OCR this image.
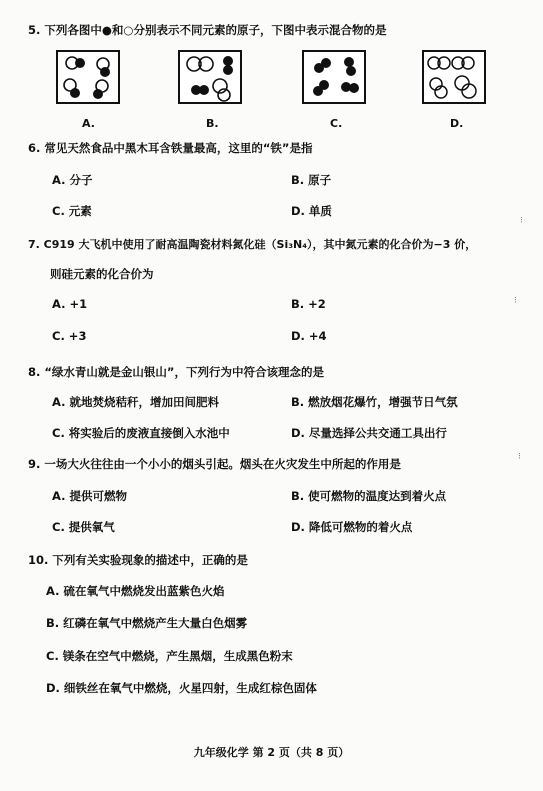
5. 下列各图中●和○分别表示不同元素的原子，下图中表示混合物的是
A.	B.	C.	D.
6. 常见天然食品中黑木耳含铁量最高，这里的“铁”是指
A. 分子	B. 原子
C. 元素	D. 单质
⁝
7. C919 大飞机中使用了耐高温陶瓷材料氮化硅（Si₃N₄），其中氮元素的化合价为−3 价，
则硅元素的化合价为
A. +1	B. +2
C. +3	D. +4
⁝
8. “绿水青山就是金山银山”，下列行为中符合该理念的是
A. 就地焚烧秸秆，增加田间肥料	B. 燃放烟花爆竹，增强节日气氛
C. 将实验后的废液直接倒入水池中	D. 尽量选择公共交通工具出行
9. 一场大火往往由一个小小的烟头引起。烟头在火灾发生中所起的作用是
A. 提供可燃物	B. 使可燃物的温度达到着火点
C. 提供氧气	D. 降低可燃物的着火点
⁝
10. 下列有关实验现象的描述中，正确的是
A. 硫在氧气中燃烧发出蓝紫色火焰
B. 红磷在氧气中燃烧产生大量白色烟雾
C. 镁条在空气中燃烧，产生黑烟，生成黑色粉末
D. 细铁丝在氧气中燃烧，火星四射，生成红棕色固体
九年级化学 第 2 页（共 8 页）
